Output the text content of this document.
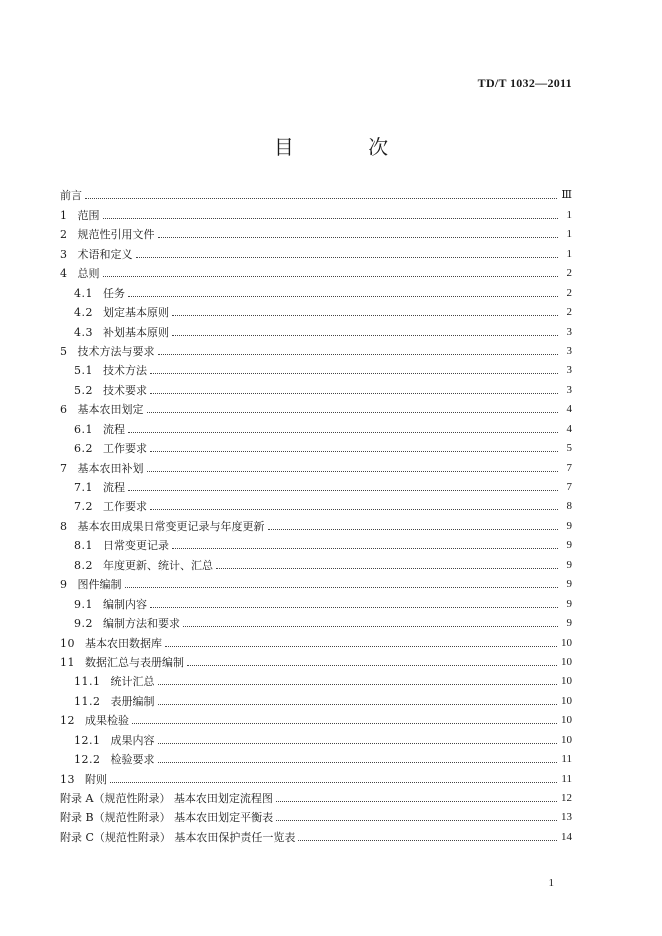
TD/T 1032—2011
目 次
前言	Ⅲ
1 范围	1
2 规范性引用文件	1
3 术语和定义	1
4 总则	2
4.1 任务	2
4.2 划定基本原则	2
4.3 补划基本原则	3
5 技术方法与要求	3
5.1 技术方法	3
5.2 技术要求	3
6 基本农田划定	4
6.1 流程	4
6.2 工作要求	5
7 基本农田补划	7
7.1 流程	7
7.2 工作要求	8
8 基本农田成果日常变更记录与年度更新	9
8.1 日常变更记录	9
8.2 年度更新、统计、汇总	9
9 图件编制	9
9.1 编制内容	9
9.2 编制方法和要求	9
10 基本农田数据库	10
11 数据汇总与表册编制	10
11.1 统计汇总	10
11.2 表册编制	10
12 成果检验	10
12.1 成果内容	10
12.2 检验要求	11
13 附则	11
附录 A（规范性附录） 基本农田划定流程图	12
附录 B（规范性附录） 基本农田划定平衡表	13
附录 C（规范性附录） 基本农田保护责任一览表	14
1
